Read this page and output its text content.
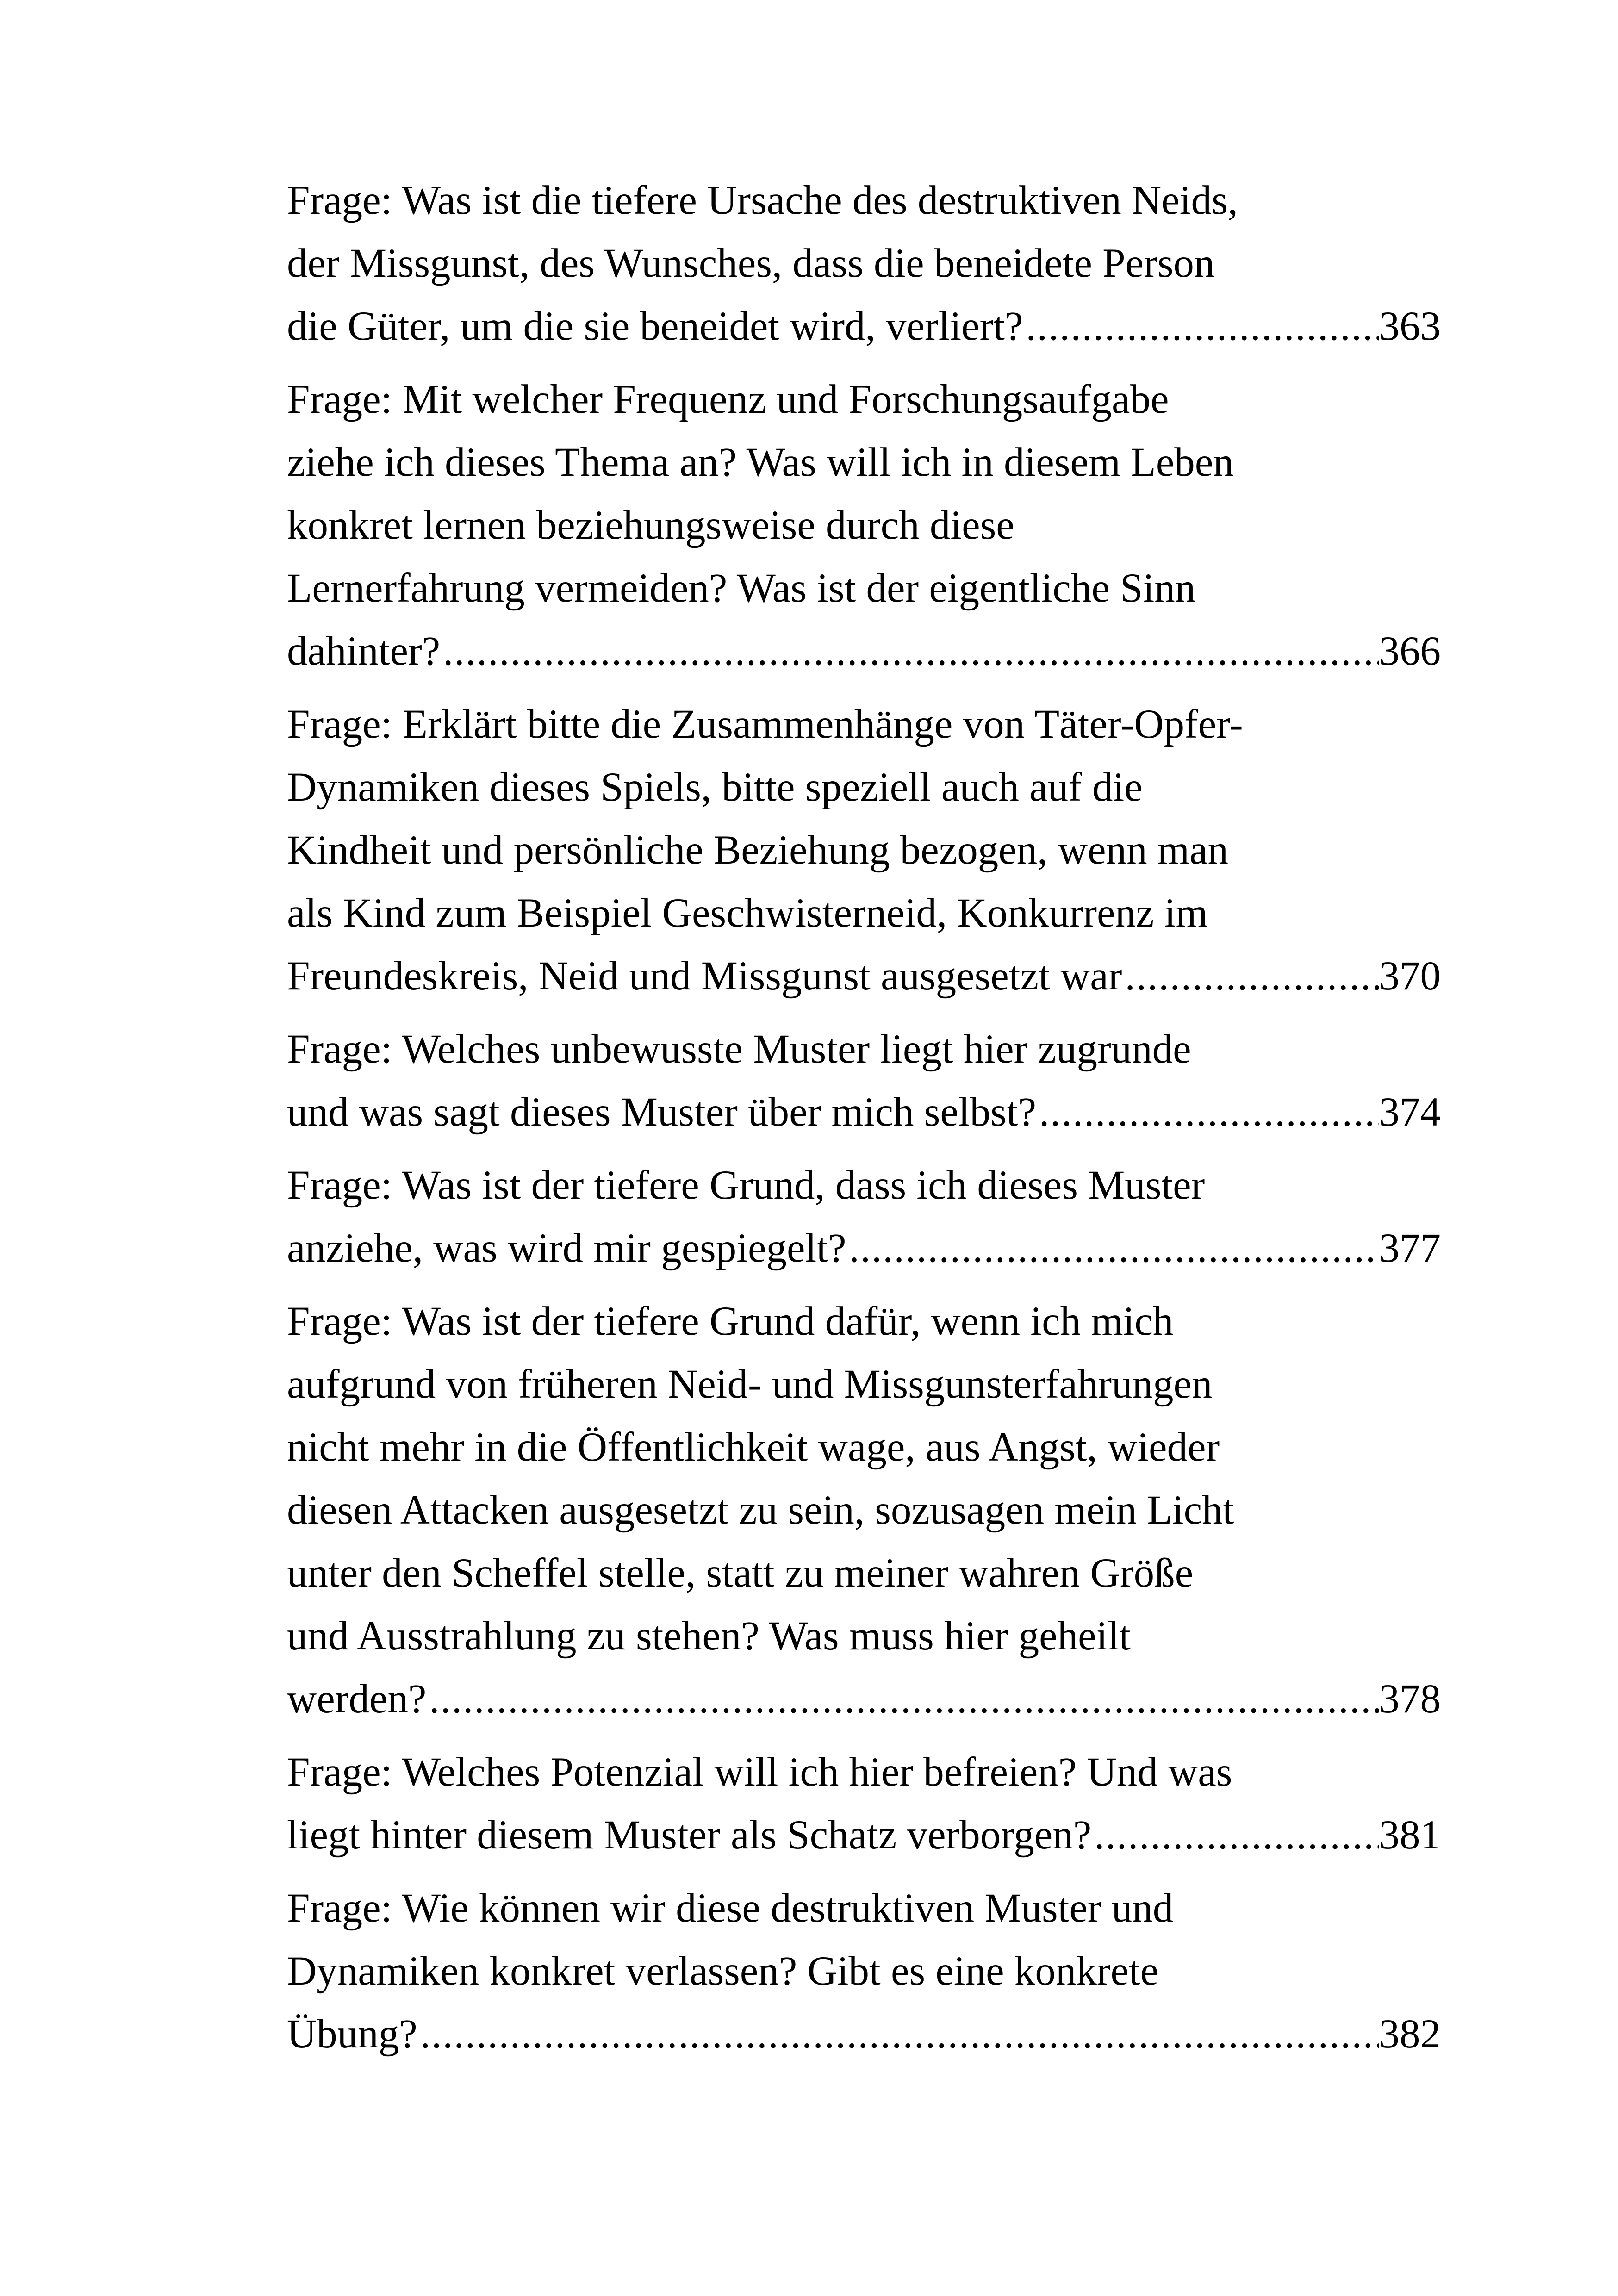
Frage: Was ist die tiefere Ursache des destruktiven Neids,
der Missgunst, des Wunsches, dass die beneidete Person
die Güter, um die sie beneidet wird, verliert? .....	363
Frage: Mit welcher Frequenz und Forschungsaufgabe
ziehe ich dieses Thema an? Was will ich in diesem Leben
konkret lernen beziehungsweise durch diese
Lernerfahrung vermeiden? Was ist der eigentliche Sinn
dahinter? .....	366
Frage: Erklärt bitte die Zusammenhänge von Täter-Opfer-
Dynamiken dieses Spiels, bitte speziell auch auf die
Kindheit und persönliche Beziehung bezogen, wenn man
als Kind zum Beispiel Geschwisterneid, Konkurrenz im
Freundeskreis, Neid und Missgunst ausgesetzt war .....	370
Frage: Welches unbewusste Muster liegt hier zugrunde
und was sagt dieses Muster über mich selbst? .....	374
Frage: Was ist der tiefere Grund, dass ich dieses Muster
anziehe, was wird mir gespiegelt? .....	377
Frage: Was ist der tiefere Grund dafür, wenn ich mich
aufgrund von früheren Neid- und Missgunsterfahrungen
nicht mehr in die Öffentlichkeit wage, aus Angst, wieder
diesen Attacken ausgesetzt zu sein, sozusagen mein Licht
unter den Scheffel stelle, statt zu meiner wahren Größe
und Ausstrahlung zu stehen? Was muss hier geheilt
werden? .....	378
Frage: Welches Potenzial will ich hier befreien? Und was
liegt hinter diesem Muster als Schatz verborgen? .....	381
Frage: Wie können wir diese destruktiven Muster und
Dynamiken konkret verlassen? Gibt es eine konkrete
Übung? .....	382
